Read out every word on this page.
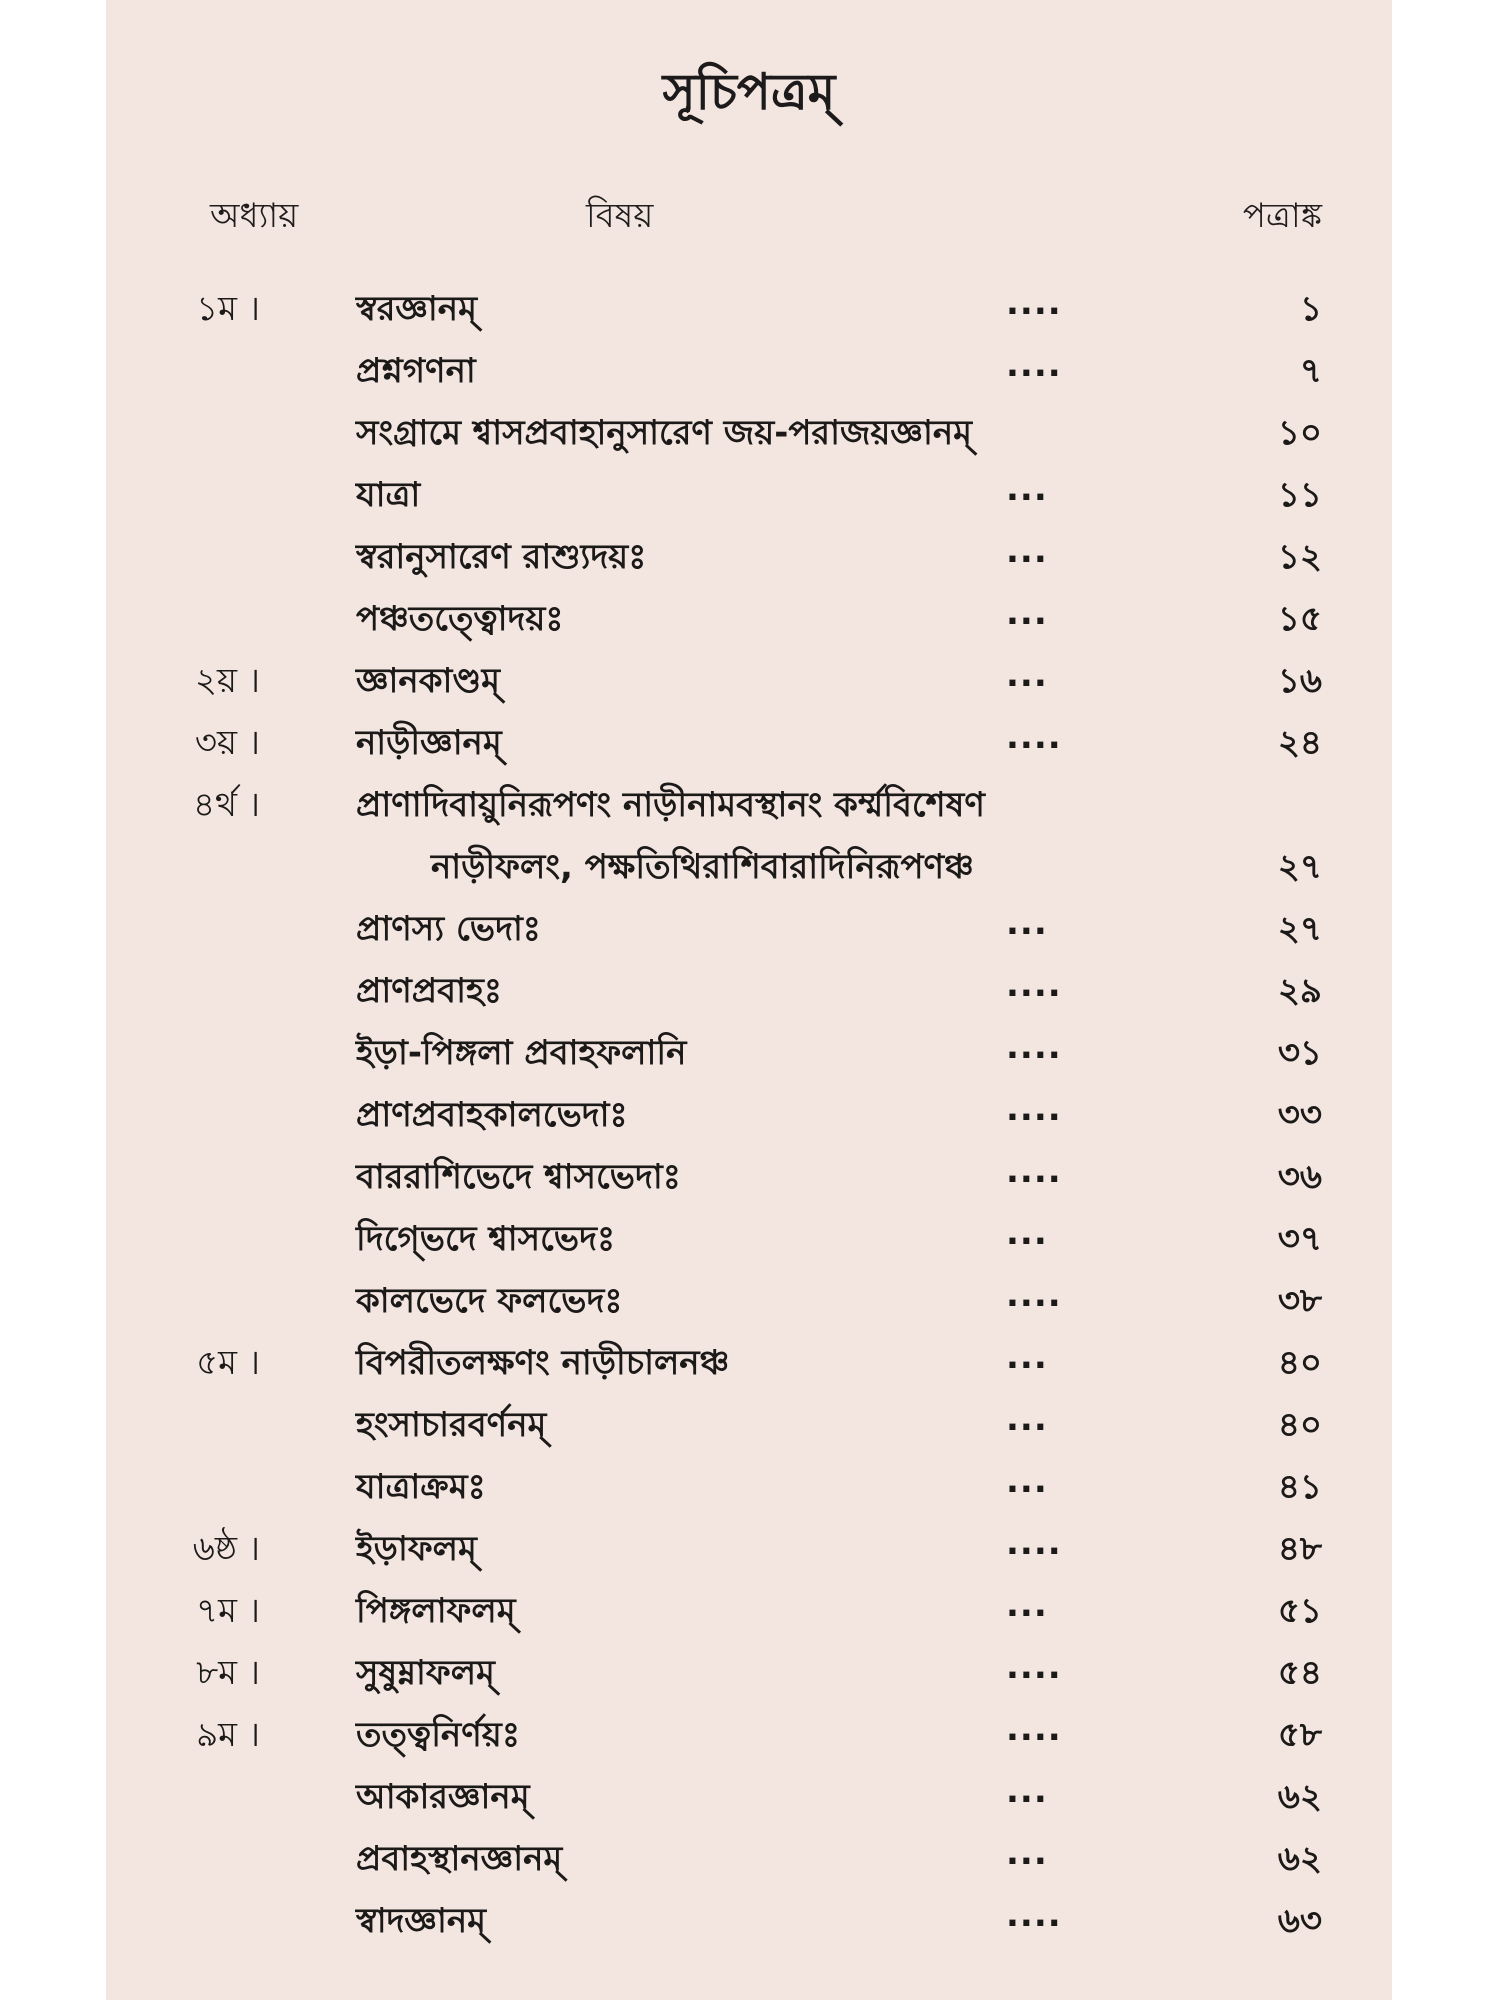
সূচিপত্রম্
অধ্যায়	বিষয়	পত্রাঙ্ক
১ম ।	স্বরজ্ঞানম্	....	১
প্রশ্নগণনা	....	৭
সংগ্রামে শ্বাসপ্রবাহানুসারেণ জয়-পরাজয়জ্ঞানম্	১০
যাত্রা	...	১১
স্বরানুসারেণ রাশ্যুদয়ঃ	...	১২
পঞ্চতত্ত্বোদয়ঃ	...	১৫
২য় ।	জ্ঞানকাণ্ডম্	...	১৬
৩য় ।	নাড়ীজ্ঞানম্	....	২৪
৪র্থ ।	প্রাণাদিবায়ুনিরূপণং নাড়ীনামবস্থানং কর্ম্মবিশেষণ
নাড়ীফলং, পক্ষতিথিরাশিবারাদিনিরূপণঞ্চ	২৭
প্রাণস্য ভেদাঃ	...	২৭
প্রাণপ্রবাহঃ	....	২৯
ইড়া-পিঙ্গলা প্রবাহফলানি	....	৩১
প্রাণপ্রবাহকালভেদাঃ	....	৩৩
বাররাশিভেদে শ্বাসভেদাঃ	....	৩৬
দিগ্ভেদে শ্বাসভেদঃ	...	৩৭
কালভেদে ফলভেদঃ	....	৩৮
৫ম ।	বিপরীতলক্ষণং নাড়ীচালনঞ্চ	...	৪০
হংসাচারবর্ণনম্	...	৪০
যাত্রাক্রমঃ	...	৪১
৬ষ্ঠ ।	ইড়াফলম্	....	৪৮
৭ম ।	পিঙ্গলাফলম্	...	৫১
৮ম ।	সুষুম্নাফলম্	....	৫৪
৯ম ।	তত্ত্বনির্ণয়ঃ	....	৫৮
আকারজ্ঞানম্	...	৬২
প্রবাহস্থানজ্ঞানম্	...	৬২
স্বাদজ্ঞানম্	....	৬৩
